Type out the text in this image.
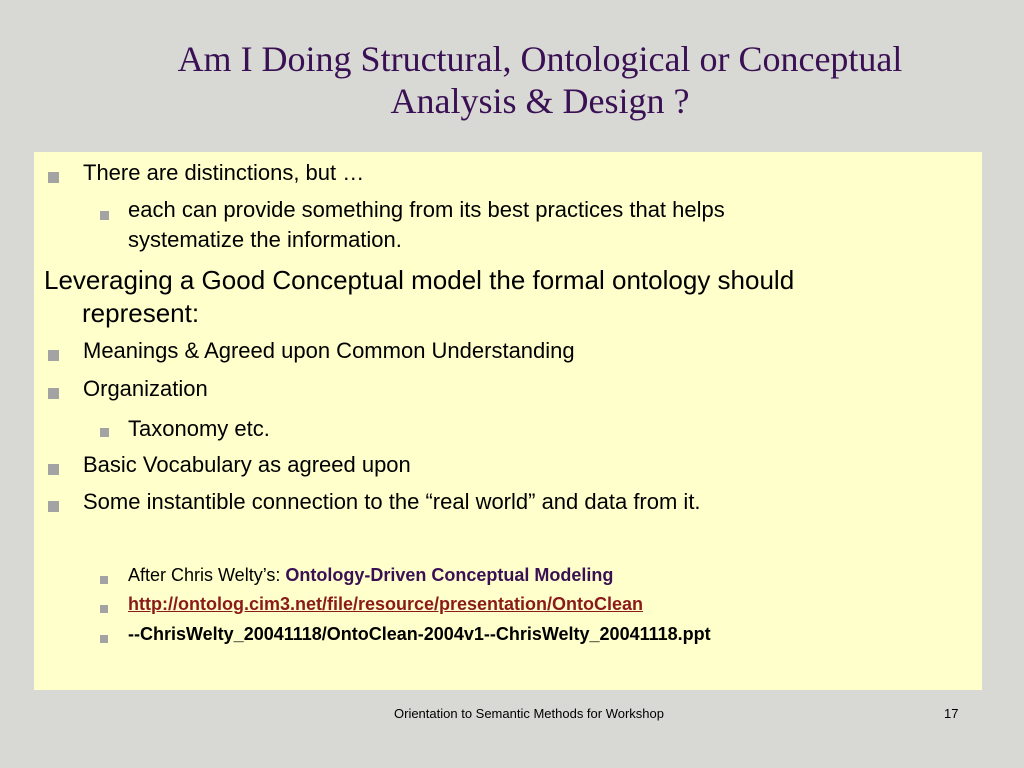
Am I Doing Structural, Ontological or Conceptual
Analysis & Design ?
There are distinctions, but …
each can provide something from its best practices that helps
systematize the information.
Leveraging a Good Conceptual model the formal ontology should
represent:
Meanings & Agreed upon Common Understanding
Organization
Taxonomy etc.
Basic Vocabulary as agreed upon
Some instantible connection to the “real world” and data from it.
After Chris Welty’s: Ontology-Driven Conceptual Modeling
http://ontolog.cim3.net/file/resource/presentation/OntoClean
--ChrisWelty_20041118/OntoClean-2004v1--ChrisWelty_20041118.ppt
Orientation to Semantic Methods for Workshop	17
